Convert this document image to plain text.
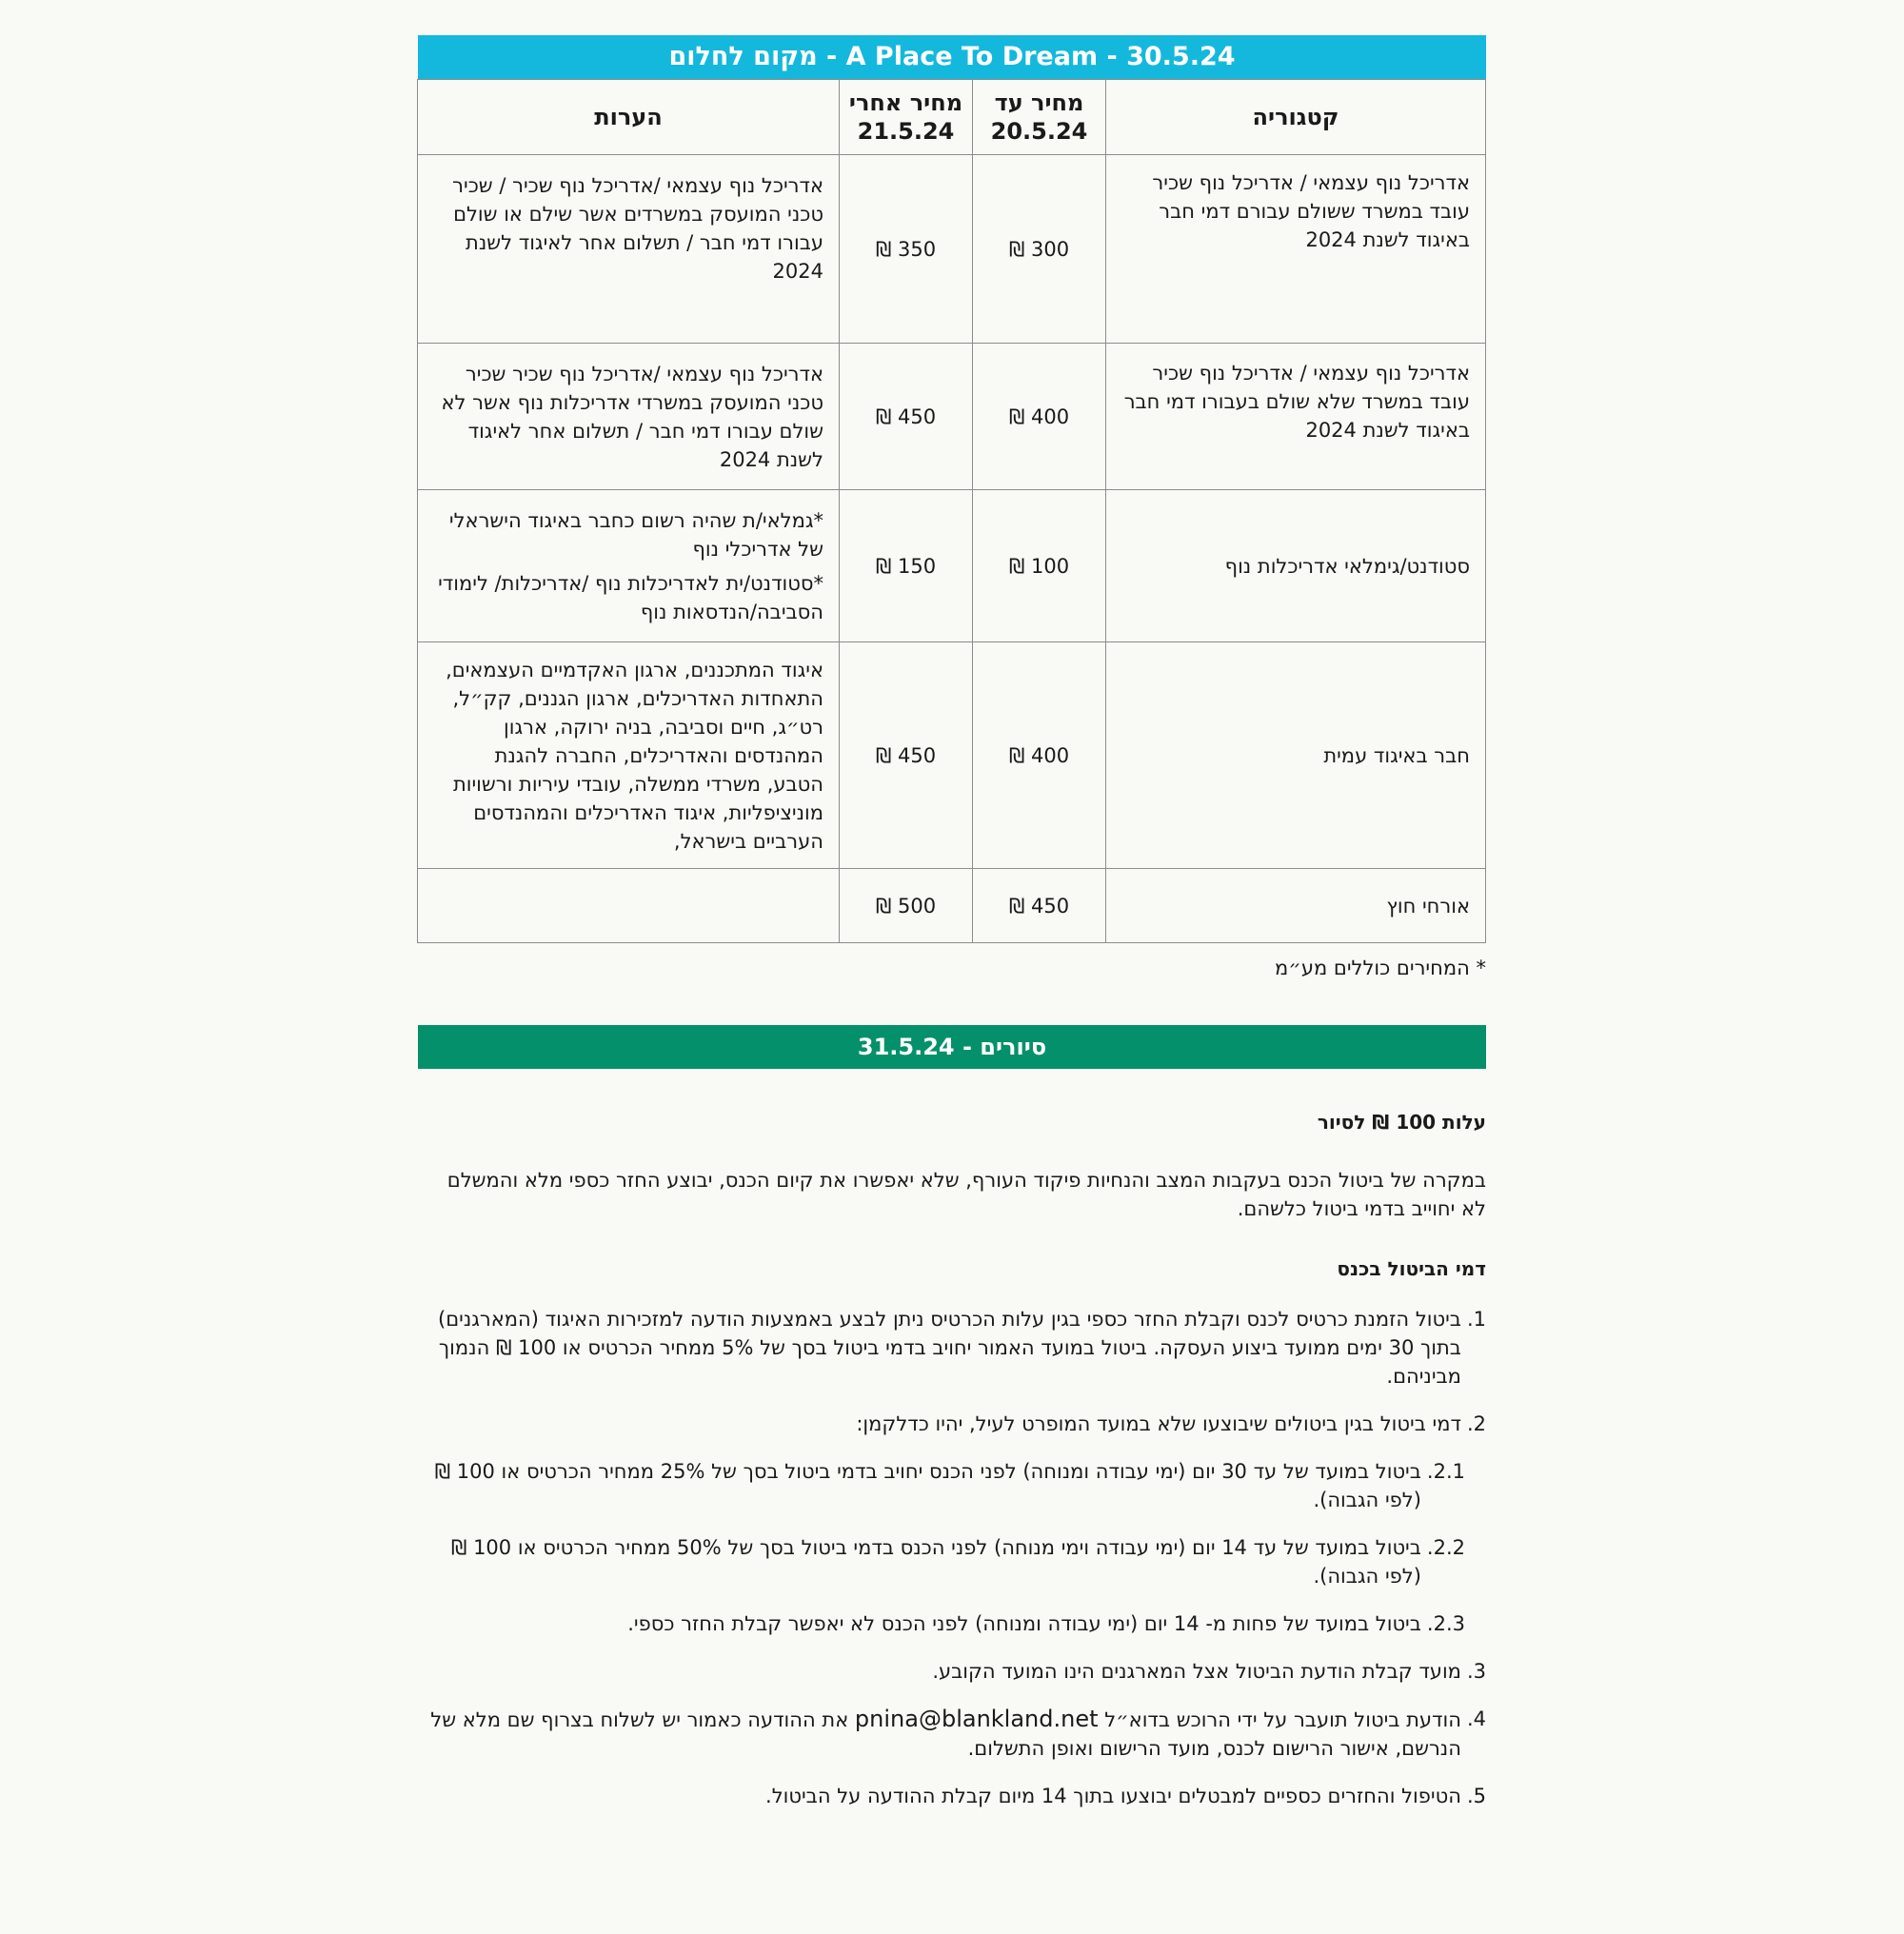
A Place To Dream - 30.5.24 - מקום לחלום
קטגוריה	מחיר עד 20.5.24	מחיר אחרי 21.5.24	הערות
אדריכל נוף עצמאי / אדריכל נוף שכיר עובד במשרד ששולם עבורם דמי חבר באיגוד לשנת 2024	300 ₪	350 ₪	אדריכל נוף עצמאי /אדריכל נוף שכיר / שכיר טכני המועסק במשרדים אשר שילם או שולם עבורו דמי חבר / תשלום אחר לאיגוד לשנת 2024

אדריכל נוף עצמאי / אדריכל נוף שכיר עובד במשרד שלא שולם בעבורו דמי חבר באיגוד לשנת 2024	400 ₪	450 ₪	אדריכל נוף עצמאי /אדריכל נוף שכיר שכיר טכני המועסק במשרדי אדריכלות נוף אשר לא שולם עבורו דמי חבר / תשלום אחר לאיגוד לשנת 2024

סטודנט/גימלאי אדריכלות נוף	100 ₪	150 ₪	*גמלאי/ת שהיה רשום כחבר באיגוד הישראלי של אדריכלי נוף

*סטודנט/ית לאדריכלות נוף /אדריכלות/ לימודי הסביבה/הנדסאות נוף

חבר באיגוד עמית	400 ₪	450 ₪	איגוד המתכננים, ארגון האקדמיים העצמאים, התאחדות האדריכלים, ארגון הגננים, קק״ל, רט״ג, חיים וסביבה, בניה ירוקה, ארגון המהנדסים והאדריכלים, החברה להגנת הטבע, משרדי ממשלה, עובדי עיריות ורשויות מוניציפליות, איגוד האדריכלים והמהנדסים הערביים בישראל,

אורחי חוץ	450 ₪	500 ₪	
* המחירים כוללים מע״מ
סיורים - 31.5.24
עלות 100 ₪ לסיור
במקרה של ביטול הכנס בעקבות המצב והנחיות פיקוד העורף, שלא יאפשרו את קיום הכנס, יבוצע החזר כספי מלא והמשלם לא יחוייב בדמי ביטול כלשהם.
דמי הביטול בכנס
1.
ביטול הזמנת כרטיס לכנס וקבלת החזר כספי בגין עלות הכרטיס ניתן לבצע באמצעות הודעה למזכירות האיגוד (המארגנים) בתוך 30 ימים ממועד ביצוע העסקה. ביטול במועד האמור יחויב בדמי ביטול בסך של 5% ממחיר הכרטיס או 100 ₪ הנמוך מביניהם.
2.
דמי ביטול בגין ביטולים שיבוצעו שלא במועד המופרט לעיל, יהיו כדלקמן:
2.1.
ביטול במועד של עד 30 יום (ימי עבודה ומנוחה) לפני הכנס יחויב בדמי ביטול בסך של 25% ממחיר הכרטיס או 100 ₪ (לפי הגבוה).
2.2.
ביטול במועד של עד 14 יום (ימי עבודה וימי מנוחה) לפני הכנס בדמי ביטול בסך של 50% ממחיר הכרטיס או 100 ₪ (לפי הגבוה).
2.3.
ביטול במועד של פחות מ- 14 יום (ימי עבודה ומנוחה) לפני הכנס לא יאפשר קבלת החזר כספי.
3.
מועד קבלת הודעת הביטול אצל המארגנים הינו המועד הקובע.
4.
הודעת ביטול תועבר על ידי הרוכש בדוא״ל pnina@blankland.net את ההודעה כאמור יש לשלוח בצרוף שם מלא של הנרשם, אישור הרישום לכנס, מועד הרישום ואופן התשלום.
5.
הטיפול והחזרים כספיים למבטלים יבוצעו בתוך 14 מיום קבלת ההודעה על הביטול.
